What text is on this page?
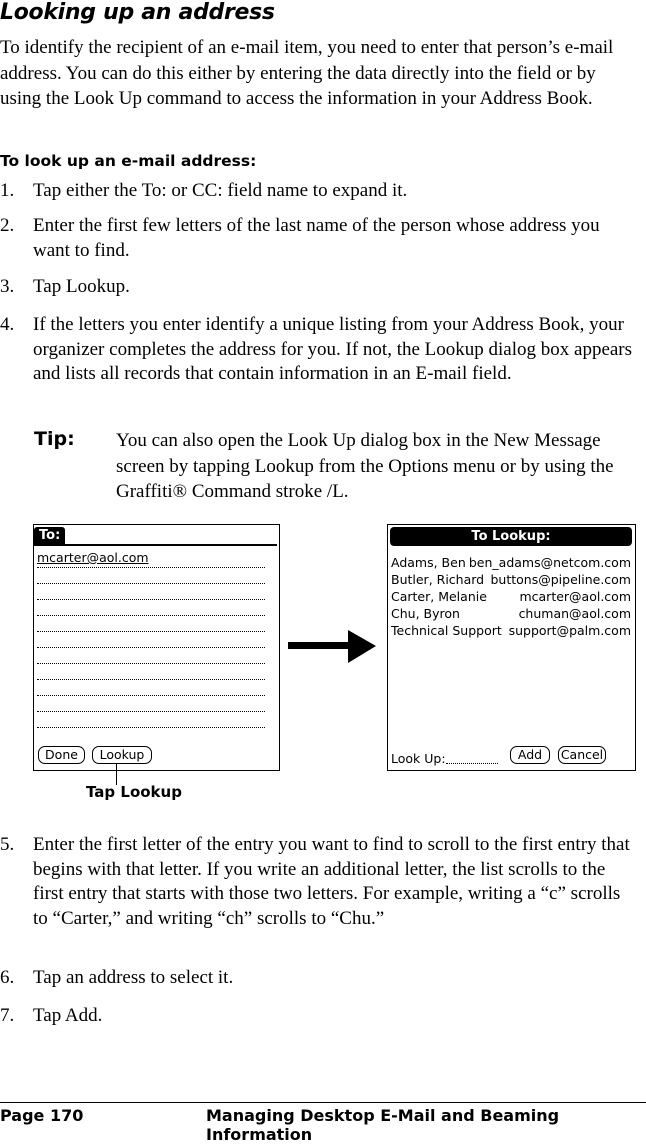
Looking up an address
To identify the recipient of an e-mail item, you need to enter that person’s e-mail address. You can do this either by entering the data directly into the field or by using the Look Up command to access the information in your Address Book.
To look up an e-mail address:
1. Tap either the To: or CC: field name to expand it.
2. Enter the first few letters of the last name of the person whose address you want to find.
3. Tap Lookup.
4. If the letters you enter identify a unique listing from your Address Book, your organizer completes the address for you. If not, the Lookup dialog box appears and lists all records that contain information in an E-mail field.
Tip: You can also open the Look Up dialog box in the New Message screen by tapping Lookup from the Options menu or by using the Graffiti® Command stroke /L.
To:
mcarter@aol.com
Done	Lookup
Tap Lookup
To Lookup:
Adams, Ben ben_adams@netcom.com
Butler, Richard buttons@pipeline.com
Carter, Melanie	mcarter@aol.com
Chu, Byron	chuman@aol.com
Technical Support support@palm.com
Look Up:	Add	Cancel
5. Enter the first letter of the entry you want to find to scroll to the first entry that begins with that letter. If you write an additional letter, the list scrolls to the first entry that starts with those two letters. For example, writing a “c” scrolls to “Carter,” and writing “ch” scrolls to “Chu.”
6. Tap an address to select it.
7. Tap Add.
Page 170	Managing Desktop E-Mail and Beaming Information
